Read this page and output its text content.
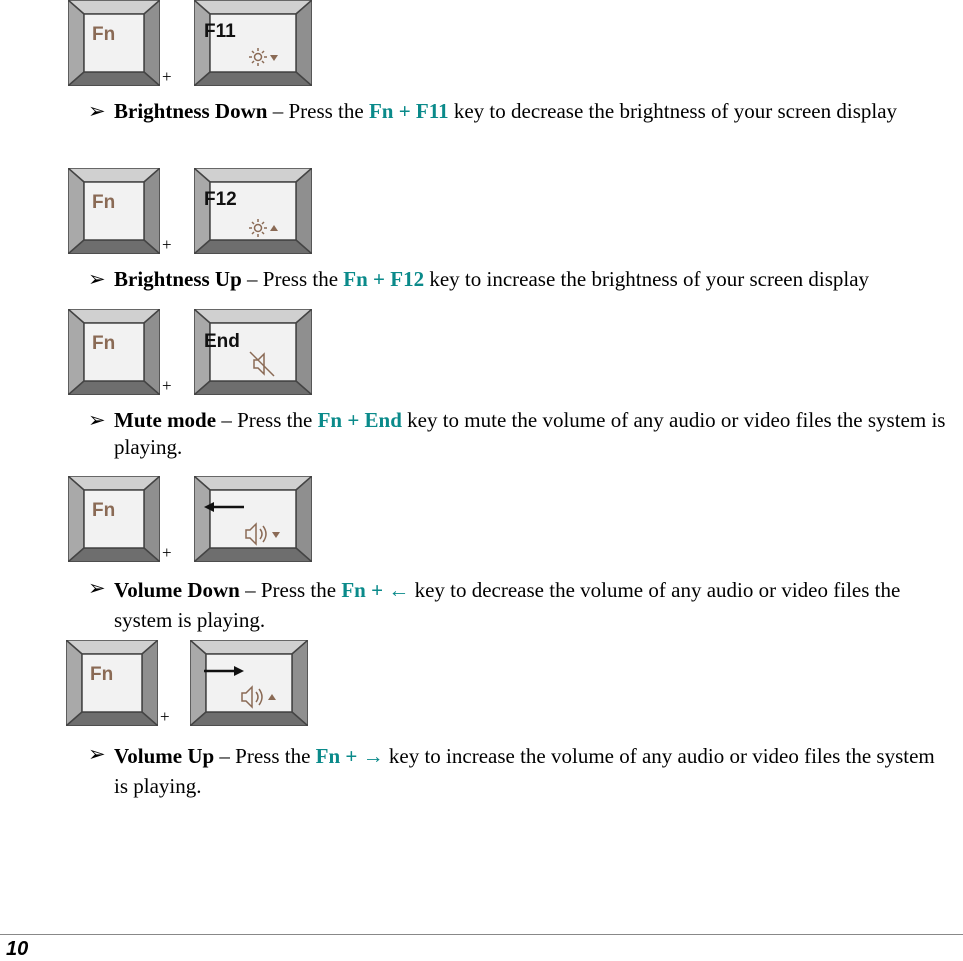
Fn
+
F11
➢ Brightness Down – Press the Fn + F11 key to decrease the brightness of your screen display
Fn
+
F12
➢ Brightness Up – Press the Fn + F12 key to increase the brightness of your screen display
Fn
+
End
➢ Mute mode – Press the Fn + End key to mute the volume of any audio or video files the system is playing.
Fn
+
➢ Volume Down – Press the Fn + ← key to decrease the volume of any audio or video files the system is playing.
Fn
+
➢ Volume Up – Press the Fn + → key to increase the volume of any audio or video files the system is playing.
10
